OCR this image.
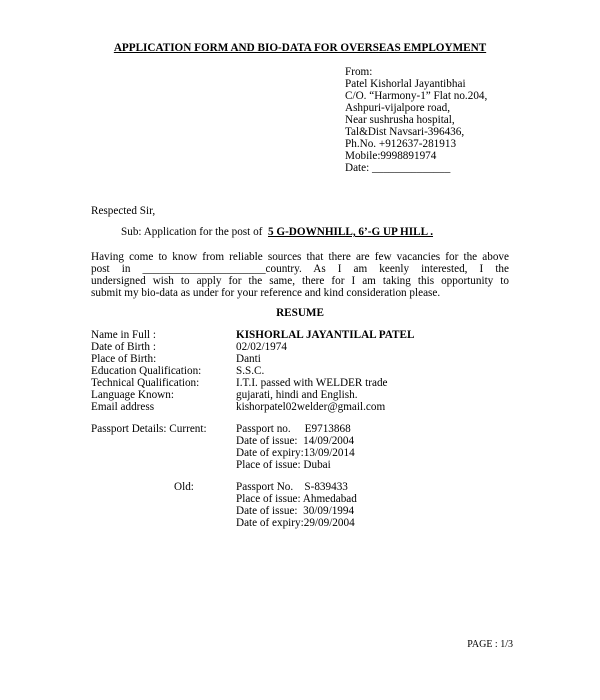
APPLICATION FORM AND BIO-DATA FOR OVERSEAS EMPLOYMENT
From:
Patel Kishorlal Jayantibhai
C/O. “Harmony-1” Flat no.204,
Ashpuri-vijalpore road,
Near sushrusha hospital,
Tal&Dist Navsari-396436,
Ph.No. +912637-281913
Mobile:9998891974
Date: ______________
Respected Sir,
Sub: Application for the post of 5 G-DOWNHILL, 6’-G UP HILL .
Having come to know from reliable sources that there are few vacancies for the above
post in ______________________country. As I am keenly interested, I the
undersigned wish to apply for the same, there for I am taking this opportunity to
submit my bio-data as under for your reference and kind consideration please.
RESUME
Name in Full :	KISHORLAL JAYANTILAL PATEL
Date of Birth :	02/02/1974
Place of Birth:	Danti
Education Qualification:	S.S.C.
Technical Qualification:	I.T.I. passed with WELDER trade
Language Known:	gujarati, hindi and English.
Email address	kishorpatel02welder@gmail.com
Passport Details: Current:	Passport no.     E9713868
Date of issue:  14/09/2004
Date of expiry:13/09/2014
Place of issue: Dubai
Old:	Passport No.    S-839433
Place of issue: Ahmedabad
Date of issue:  30/09/1994
Date of expiry:29/09/2004
PAGE : 1/3
